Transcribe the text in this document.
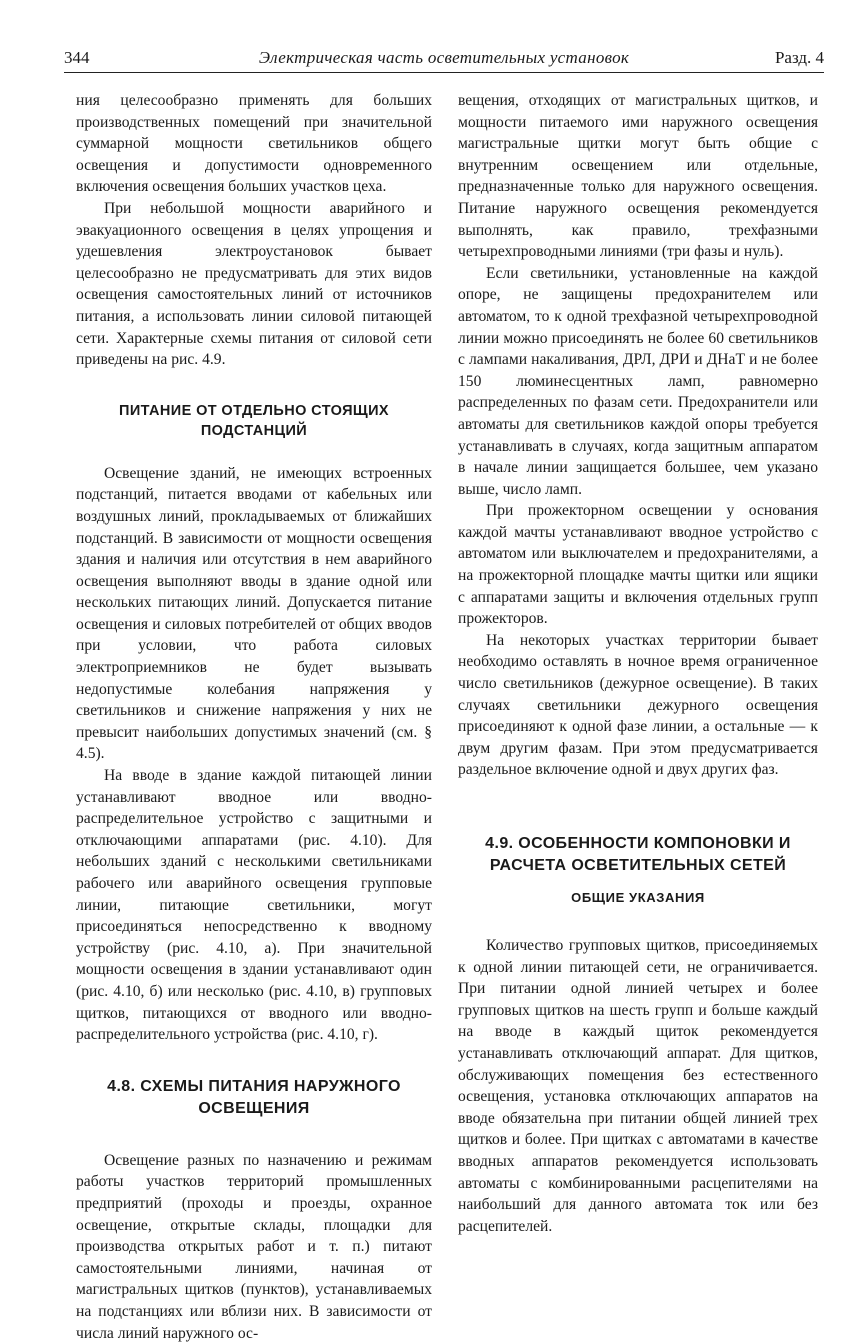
344	Электрическая часть осветительных установок	Разд. 4

ния целесообразно применять для больших производственных помещений при значительной суммарной мощности светильников общего освещения и допустимости одновременного включения освещения больших участков цеха.

При небольшой мощности аварийного и эвакуационного освещения в целях упрощения и удешевления электроустановок бывает целесообразно не предусматривать для этих видов освещения самостоятельных линий от источников питания, а использовать линии силовой питающей сети. Характерные схемы питания от силовой сети приведены на рис. 4.9.

ПИТАНИЕ ОТ ОТДЕЛЬНО СТОЯЩИХ ПОДСТАНЦИЙ

Освещение зданий, не имеющих встроенных подстанций, питается вводами от кабельных или воздушных линий, прокладываемых от ближайших подстанций. В зависимости от мощности освещения здания и наличия или отсутствия в нем аварийного освещения выполняют вводы в здание одной или нескольких питающих линий. Допускается питание освещения и силовых потребителей от общих вводов при условии, что работа силовых электроприемников не будет вызывать недопустимые колебания напряжения у светильников и снижение напряжения у них не превысит наибольших допустимых значений (см. § 4.5).

На вводе в здание каждой питающей линии устанавливают вводное или вводно-распределительное устройство с защитными и отключающими аппаратами (рис. 4.10). Для небольших зданий с несколькими светильниками рабочего или аварийного освещения групповые линии, питающие светильники, могут присоединяться непосредственно к вводному устройству (рис. 4.10, а). При значительной мощности освещения в здании устанавливают один (рис. 4.10, б) или несколько (рис. 4.10, в) групповых щитков, питающихся от вводного или вводно-распределительного устройства (рис. 4.10, г).

4.8. СХЕМЫ ПИТАНИЯ НАРУЖНОГО ОСВЕЩЕНИЯ

Освещение разных по назначению и режимам работы участков территорий промышленных предприятий (проходы и проезды, охранное освещение, открытые склады, площадки для производства открытых работ и т. п.) питают самостоятельными линиями, начиная от магистральных щитков (пунктов), устанавливаемых на подстанциях или вблизи них. В зависимости от числа линий наружного ос-

вещения, отходящих от магистральных щитков, и мощности питаемого ими наружного освещения магистральные щитки могут быть общие с внутренним освещением или отдельные, предназначенные только для наружного освещения. Питание наружного освещения рекомендуется выполнять, как правило, трехфазными четырехпроводными линиями (три фазы и нуль).

Если светильники, установленные на каждой опоре, не защищены предохранителем или автоматом, то к одной трехфазной четырехпроводной линии можно присоединять не более 60 светильников с лампами накаливания, ДРЛ, ДРИ и ДНаТ и не более 150 люминесцентных ламп, равномерно распределенных по фазам сети. Предохранители или автоматы для светильников каждой опоры требуется устанавливать в случаях, когда защитным аппаратом в начале линии защищается большее, чем указано выше, число ламп.

При прожекторном освещении у основания каждой мачты устанавливают вводное устройство с автоматом или выключателем и предохранителями, а на прожекторной площадке мачты щитки или ящики с аппаратами защиты и включения отдельных групп прожекторов.

На некоторых участках территории бывает необходимо оставлять в ночное время ограниченное число светильников (дежурное освещение). В таких случаях светильники дежурного освещения присоединяют к одной фазе линии, а остальные — к двум другим фазам. При этом предусматривается раздельное включение одной и двух других фаз.

4.9. ОСОБЕННОСТИ КОМПОНОВКИ И РАСЧЕТА ОСВЕТИТЕЛЬНЫХ СЕТЕЙ
ОБЩИЕ УКАЗАНИЯ

Количество групповых щитков, присоединяемых к одной линии питающей сети, не ограничивается. При питании одной линией четырех и более групповых щитков на шесть групп и больше каждый на вводе в каждый щиток рекомендуется устанавливать отключающий аппарат. Для щитков, обслуживающих помещения без естественного освещения, установка отключающих аппаратов на вводе обязательна при питании общей линией трех щитков и более. При щитках с автоматами в качестве вводных аппаратов рекомендуется использовать автоматы с комбинированными расцепителями на наибольший для данного автомата ток или без расцепителей.
